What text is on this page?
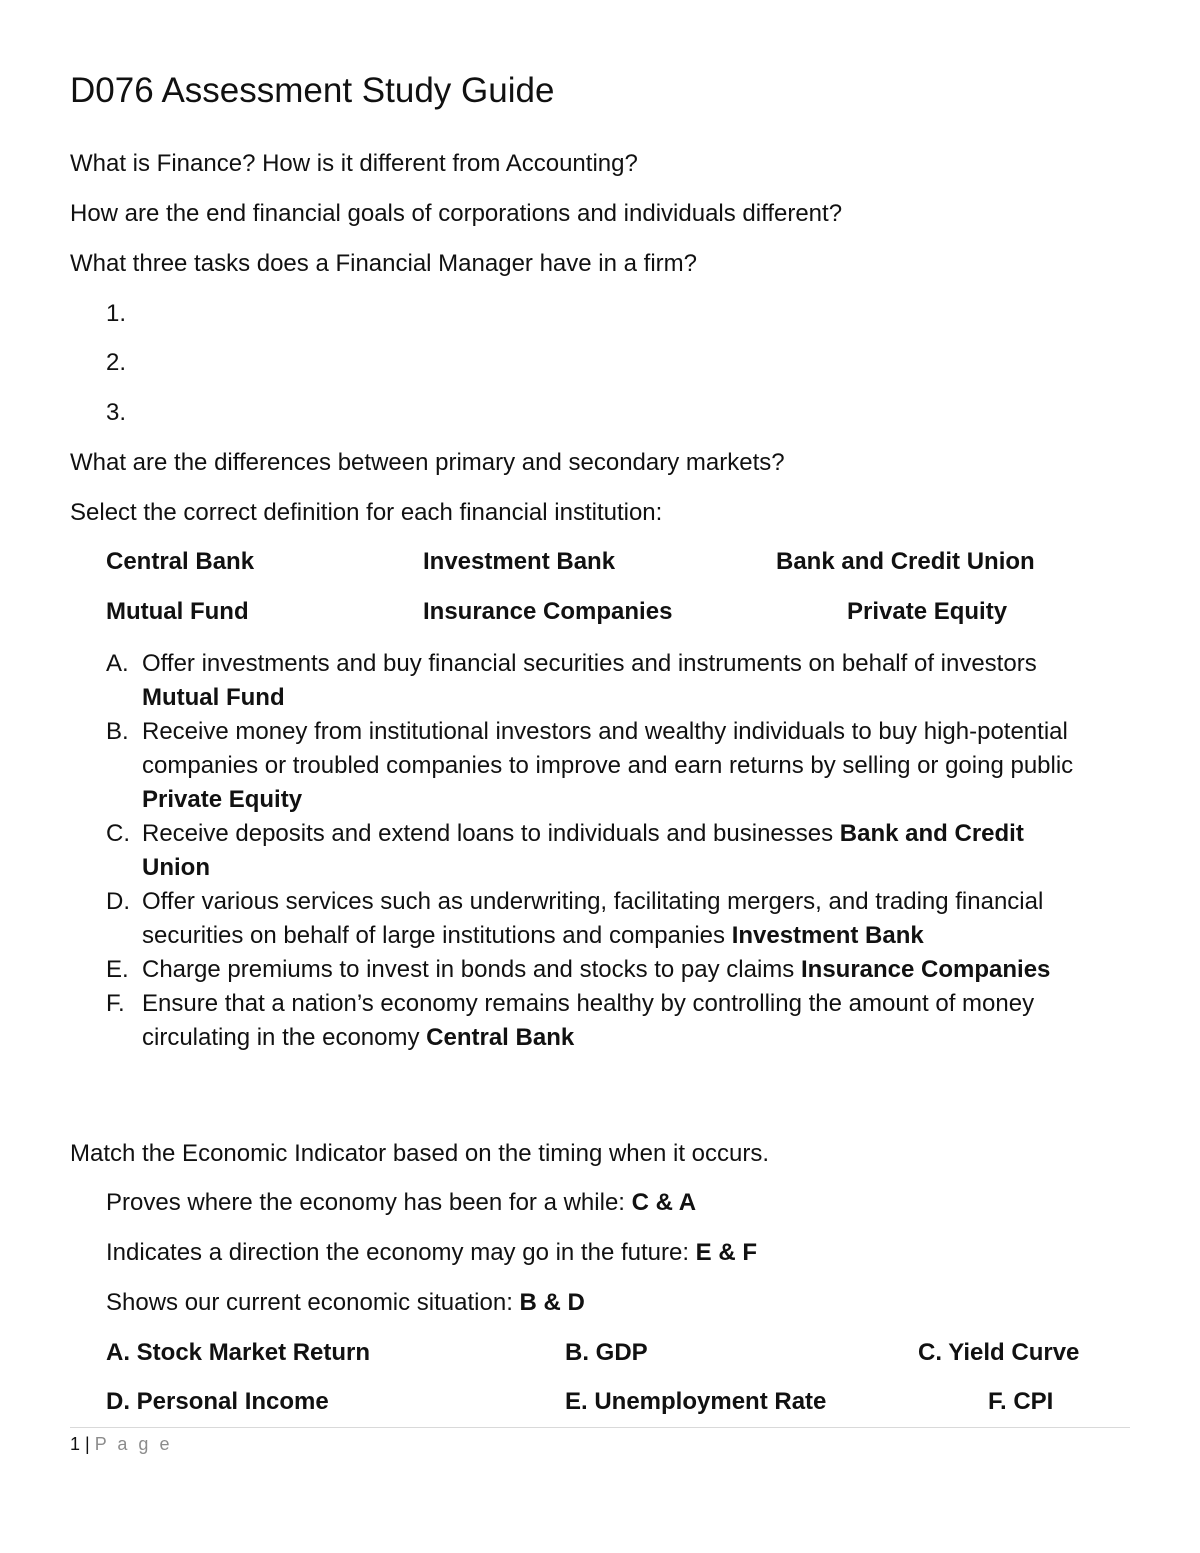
D076 Assessment Study Guide

What is Finance? How is it different from Accounting?

How are the end financial goals of corporations and individuals different?

What three tasks does a Financial Manager have in a firm?

1.
2.
3.

What are the differences between primary and secondary markets?

Select the correct definition for each financial institution:

Central Bank	Investment Bank	Bank and Credit Union
Mutual Fund	Insurance Companies	Private Equity
A. Offer investments and buy financial securities and instruments on behalf of investors Mutual Fund
B. Receive money from institutional investors and wealthy individuals to buy high-potential companies or troubled companies to improve and earn returns by selling or going public Private Equity
C. Receive deposits and extend loans to individuals and businesses Bank and Credit Union
D. Offer various services such as underwriting, facilitating mergers, and trading financial securities on behalf of large institutions and companies Investment Bank
E. Charge premiums to invest in bonds and stocks to pay claims Insurance Companies
F. Ensure that a nation’s economy remains healthy by controlling the amount of money circulating in the economy Central Bank

Match the Economic Indicator based on the timing when it occurs.

Proves where the economy has been for a while: C & A

Indicates a direction the economy may go in the future: E & F

Shows our current economic situation: B & D

A. Stock Market Return	B. GDP	C. Yield Curve
D. Personal Income	E. Unemployment Rate	F. CPI
1 | P a g e
